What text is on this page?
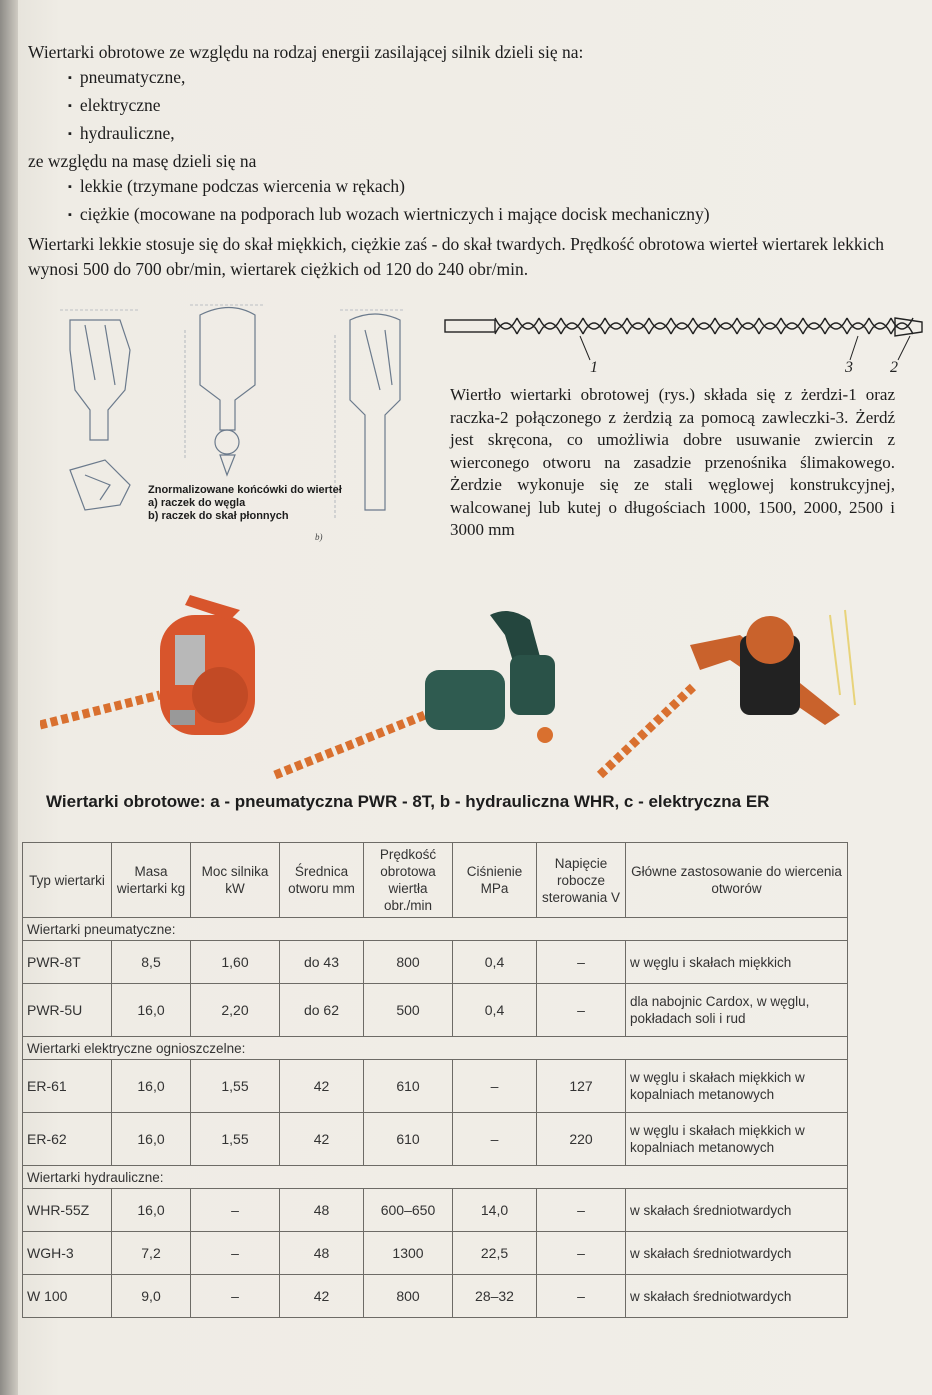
Wiertarki obrotowe ze względu na rodzaj energii zasilającej silnik dzieli się na:

▪ pneumatyczne,
▪ elektryczne
▪ hydrauliczne,

ze względu na masę dzieli się na

▪ lekkie (trzymane podczas wiercenia w rękach)
▪ ciężkie (mocowane na podporach lub wozach wiertniczych i mające docisk mechaniczny)

Wiertarki lekkie stosuje się do skał miękkich, ciężkie zaś - do skał twardych. Prędkość obrotowa wierteł wiertarek lekkich wynosi 500 do 700 obr/min, wiertarek ciężkich od 120 do 240 obr/min.

b)
Znormalizowane końcówki do wierteł
a) raczek do węgla
b) raczek do skał płonnych
1	3 2
Wiertło wiertarki obrotowej (rys.) składa się z żerdzi-1 oraz raczka-2 połączonego z żerdzią za pomocą zawleczki-3. Żerdź jest skręcona, co umożliwia dobre usuwanie zwiercin z wierconego otworu na zasadzie przenośnika ślimakowego. Żerdzie wykonuje się ze stali węglowej konstrukcyjnej, walcowanej lub kutej o długościach 1000, 1500, 2000, 2500 i 3000 mm
Wiertarki obrotowe: a - pneumatyczna PWR - 8T, b - hydrauliczna WHR, c - elektryczna ER
Typ wiertarki	Masa wiertarki kg	Moc silnika kW	Średnica otworu mm	Prędkość obrotowa wiertła obr./min	Ciśnienie MPa	Napięcie robocze sterowania V	Główne zastosowanie do wiercenia otworów
Wiertarki pneumatyczne:							
PWR-8T	8,5	1,60	do 43	800	0,4	–	w węglu i skałach miękkich
PWR-5U	16,0	2,20	do 62	500	0,4	–	dla nabojnic Cardox, w węglu, pokładach soli i rud
Wiertarki elektryczne ognioszczelne:							
ER-61	16,0	1,55	42	610	–	127	w węglu i skałach miękkich w kopalniach metanowych
ER-62	16,0	1,55	42	610	–	220	w węglu i skałach miękkich w kopalniach metanowych
Wiertarki hydrauliczne:							
WHR-55Z	16,0	–	48	600–650	14,0	–	w skałach średniotwardych
WGH-3	7,2	–	48	1300	22,5	–	w skałach średniotwardych
W 100	9,0	–	42	800	28–32	–	w skałach średniotwardych
